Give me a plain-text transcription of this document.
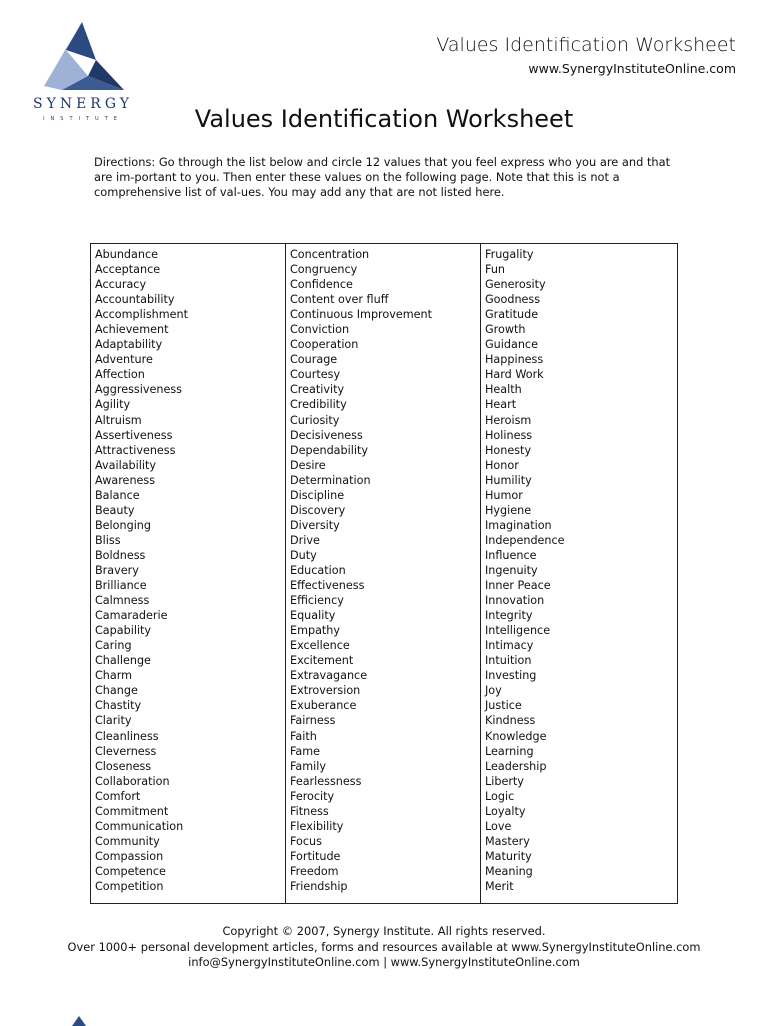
SYNERGY
INSTITUTE
Values Identification Worksheet
www.SynergyInstituteOnline.com
Values Identification Worksheet
Directions: Go through the list below and circle 12 values that you feel express who you are and that are im-portant to you. Then enter these values on the following page. Note that this is not a comprehensive list of val-ues. You may add any that are not listed here.
Abundance
Acceptance
Accuracy
Accountability
Accomplishment
Achievement
Adaptability
Adventure
Affection
Aggressiveness
Agility
Altruism
Assertiveness
Attractiveness
Availability
Awareness
Balance
Beauty
Belonging
Bliss
Boldness
Bravery
Brilliance
Calmness
Camaraderie
Capability
Caring
Challenge
Charm
Change
Chastity
Clarity
Cleanliness
Cleverness
Closeness
Collaboration
Comfort
Commitment
Communication
Community
Compassion
Competence
Competition
Concentration
Congruency
Confidence
Content over fluff
Continuous Improvement
Conviction
Cooperation
Courage
Courtesy
Creativity
Credibility
Curiosity
Decisiveness
Dependability
Desire
Determination
Discipline
Discovery
Diversity
Drive
Duty
Education
Effectiveness
Efficiency
Equality
Empathy
Excellence
Excitement
Extravagance
Extroversion
Exuberance
Fairness
Faith
Fame
Family
Fearlessness
Ferocity
Fitness
Flexibility
Focus
Fortitude
Freedom
Friendship
Frugality
Fun
Generosity
Goodness
Gratitude
Growth
Guidance
Happiness
Hard Work
Health
Heart
Heroism
Holiness
Honesty
Honor
Humility
Humor
Hygiene
Imagination
Independence
Influence
Ingenuity
Inner Peace
Innovation
Integrity
Intelligence
Intimacy
Intuition
Investing
Joy
Justice
Kindness
Knowledge
Learning
Leadership
Liberty
Logic
Loyalty
Love
Mastery
Maturity
Meaning
Merit
Copyright © 2007, Synergy Institute. All rights reserved.
Over 1000+ personal development articles, forms and resources available at www.SynergyInstituteOnline.com
info@SynergyInstituteOnline.com | www.SynergyInstituteOnline.com
